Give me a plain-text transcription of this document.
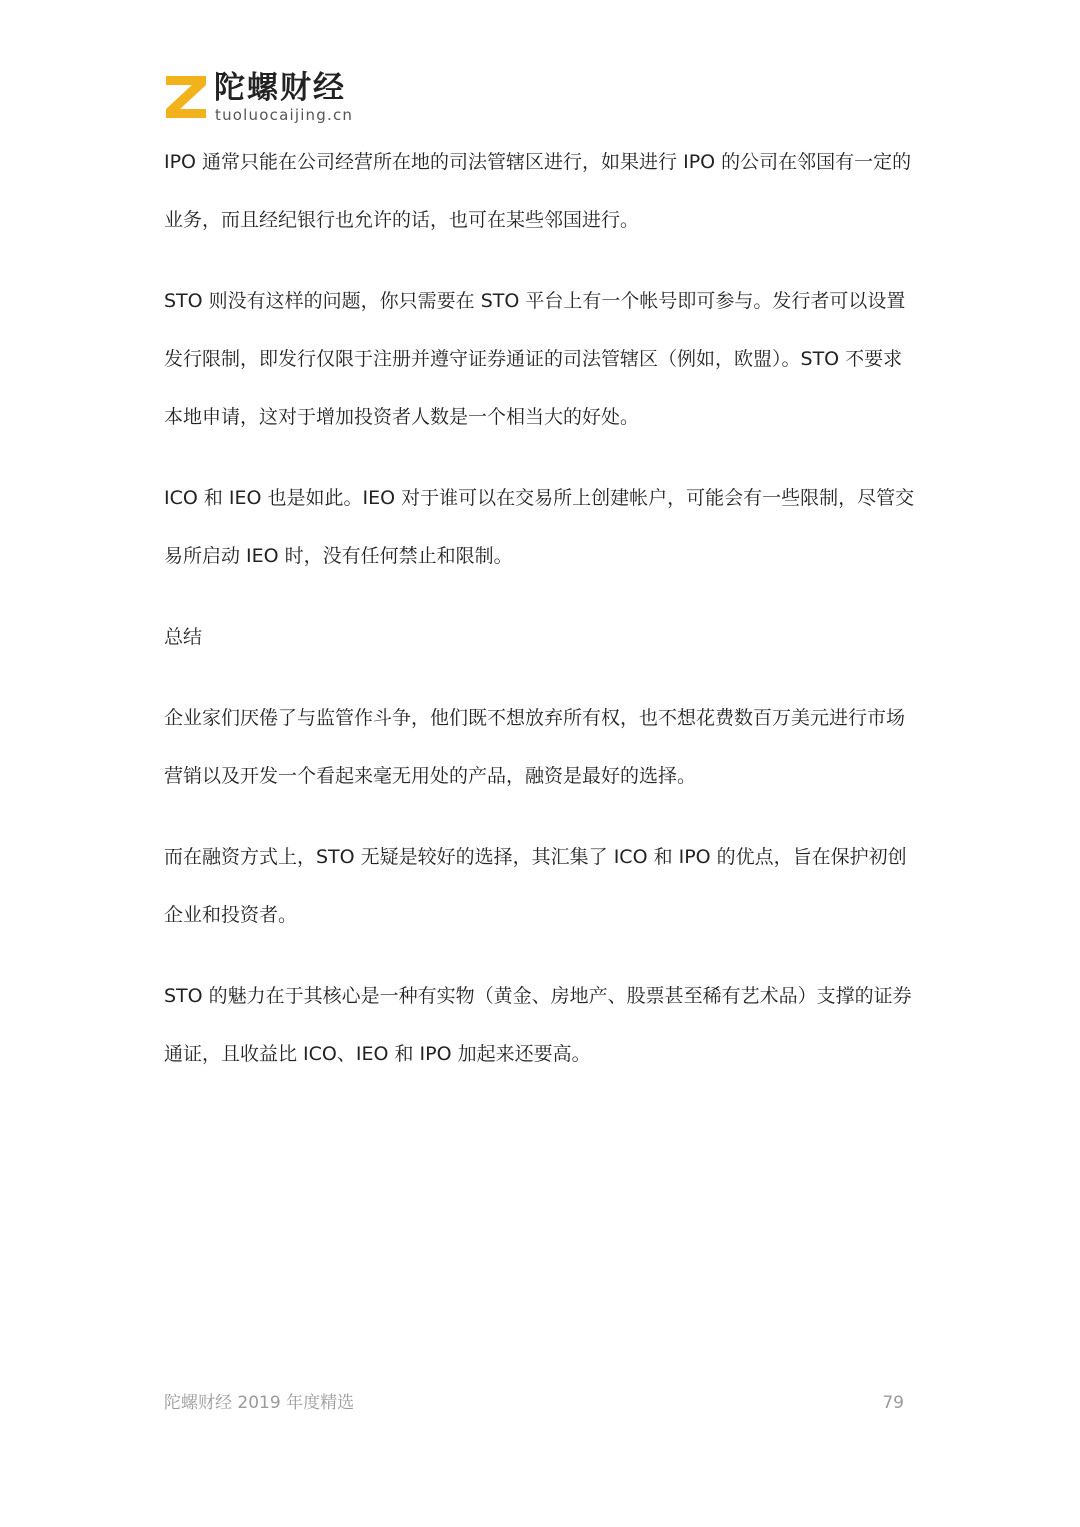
陀螺财经
tuoluocaijing.cn

IPO 通常只能在公司经营所在地的司法管辖区进行，如果进行 IPO 的公司在邻国有一定的业务，而且经纪银行也允许的话，也可在某些邻国进行。

STO 则没有这样的问题，你只需要在 STO 平台上有一个帐号即可参与。发行者可以设置发行限制，即发行仅限于注册并遵守证券通证的司法管辖区（例如，欧盟）。STO 不要求本地申请，这对于增加投资者人数是一个相当大的好处。

ICO 和 IEO 也是如此。IEO 对于谁可以在交易所上创建帐户，可能会有一些限制，尽管交易所启动 IEO 时，没有任何禁止和限制。

总结

企业家们厌倦了与监管作斗争，他们既不想放弃所有权，也不想花费数百万美元进行市场营销以及开发一个看起来毫无用处的产品，融资是最好的选择。

而在融资方式上，STO 无疑是较好的选择，其汇集了 ICO 和 IPO 的优点，旨在保护初创企业和投资者。

STO 的魅力在于其核心是一种有实物（黄金、房地产、股票甚至稀有艺术品）支撑的证券通证，且收益比 ICO、IEO 和 IPO 加起来还要高。

陀螺财经 2019 年度精选	79
